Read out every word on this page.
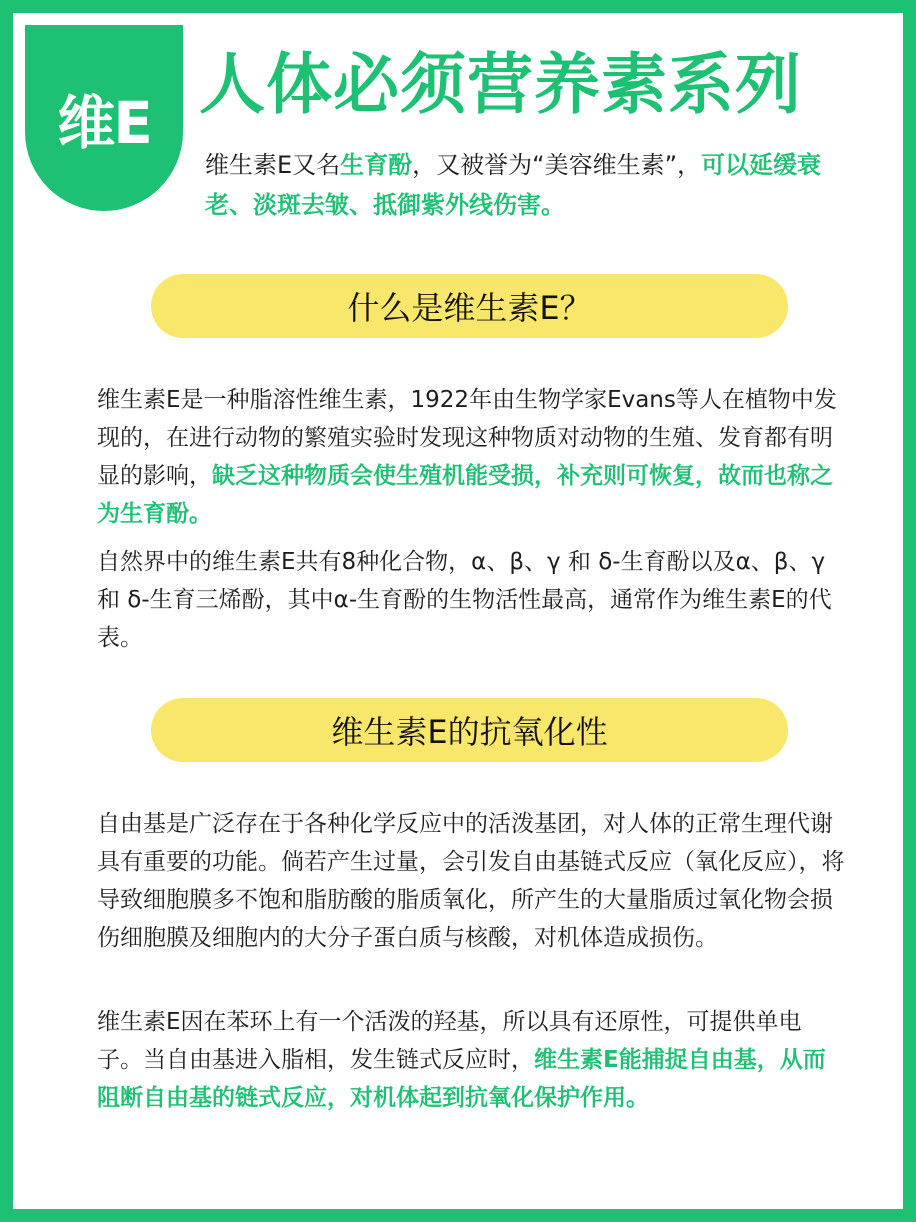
维E 人体必须营养素系列

维生素E又名生育酚，又被誉为“美容维生素”，可以延缓衰老、淡斑去皱、抵御紫外线伤害。

什么是维生素E？

维生素E是一种脂溶性维生素，1922年由生物学家Evans等人在植物中发现的，在进行动物的繁殖实验时发现这种物质对动物的生殖、发育都有明显的影响，缺乏这种物质会使生殖机能受损，补充则可恢复，故而也称之为生育酚。

自然界中的维生素E共有8种化合物，α、β、γ 和 δ-生育酚以及α、β、γ 和 δ-生育三烯酚，其中α-生育酚的生物活性最高，通常作为维生素E的代表。

维生素E的抗氧化性

自由基是广泛存在于各种化学反应中的活泼基团，对人体的正常生理代谢具有重要的功能。倘若产生过量，会引发自由基链式反应（氧化反应），将导致细胞膜多不饱和脂肪酸的脂质氧化，所产生的大量脂质过氧化物会损伤细胞膜及细胞内的大分子蛋白质与核酸，对机体造成损伤。

维生素E因在苯环上有一个活泼的羟基，所以具有还原性，可提供单电子。当自由基进入脂相，发生链式反应时，维生素E能捕捉自由基，从而阻断自由基的链式反应，对机体起到抗氧化保护作用。
